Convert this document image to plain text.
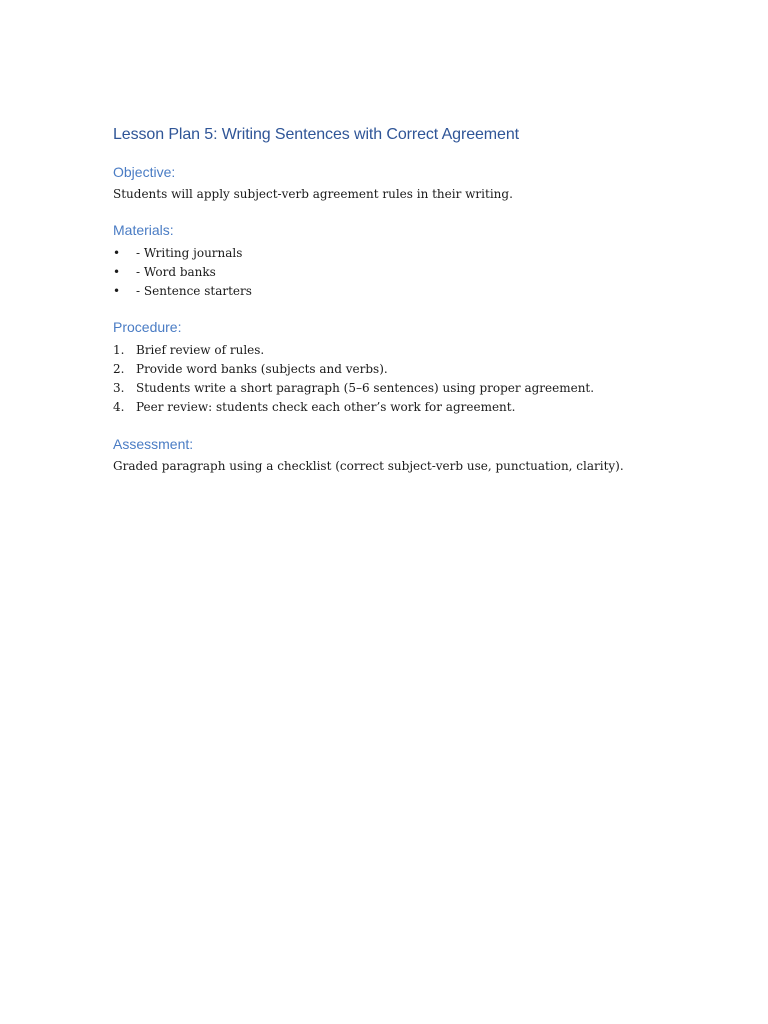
Lesson Plan 5: Writing Sentences with Correct Agreement
Objective:

Students will apply subject-verb agreement rules in their writing.

Materials:
• - Writing journals
• - Word banks
• - Sentence starters
Procedure:
1. Brief review of rules.
2. Provide word banks (subjects and verbs).
3. Students write a short paragraph (5–6 sentences) using proper agreement.
4. Peer review: students check each other’s work for agreement.
Assessment:

Graded paragraph using a checklist (correct subject-verb use, punctuation, clarity).
